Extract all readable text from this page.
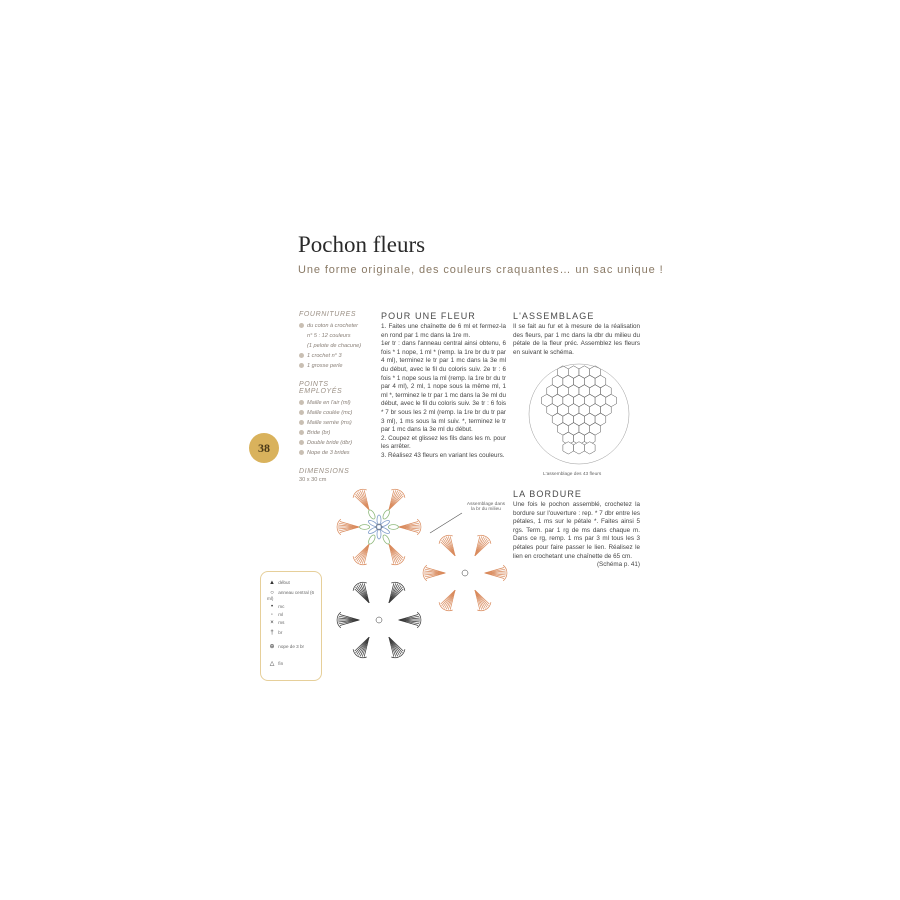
Pochon fleurs
Une forme originale, des couleurs craquantes… un sac unique !
38
FOURNITURES
du coton à crocheter
n° 5 : 12 couleurs
(1 pelote de chacune)
1 crochet n° 3
1 grosse perle
POINTS EMPLOYÉS
Maille en l'air (ml)
Maille coulée (mc)
Maille serrée (ms)
Bride (br)
Double bride (dbr)
Nope de 3 brides
DIMENSIONS
30 x 30 cm
POUR UNE FLEUR
1. Faites une chaînette de 6 ml et fermez-la en rond par 1 mc dans la 1re m.
1er tr : dans l'anneau central ainsi obtenu, 6 fois * 1 nope, 1 ml * (remp. la 1re br du tr par 4 ml), terminez le tr par 1 mc dans la 3e ml du début, avec le fil du coloris suiv. 2e tr : 6 fois * 1 nope sous la ml (remp. la 1re br du tr par 4 ml), 2 ml, 1 nope sous la même ml, 1 ml *, terminez le tr par 1 mc dans la 3e ml du début, avec le fil du coloris suiv. 3e tr : 6 fois * 7 br sous les 2 ml (remp. la 1re br du tr par 3 ml), 1 ms sous la ml suiv. *, terminez le tr par 1 mc dans la 3e ml du début.
2. Coupez et glissez les fils dans les m. pour les arrêter.
3. Réalisez 43 fleurs en variant les couleurs.
L'ASSEMBLAGE
Il se fait au fur et à mesure de la réalisation des fleurs, par 1 mc dans la dbr du milieu du pétale de la fleur préc. Assemblez les fleurs en suivant le schéma.
L'assemblage des 43 fleurs
LA BORDURE
Une fois le pochon assemblé, crochetez la bordure sur l'ouverture : rep. * 7 dbr entre les pétales, 1 ms sur le pétale *. Faites ainsi 5 rgs. Term. par 1 rg de ms dans chaque m. Dans ce rg, remp. 1 ms par 3 ml tous les 3 pétales pour faire passer le lien. Réalisez le lien en crochetant une chaînette de 65 cm.
(Schéma p. 41)
Assemblage dans la br du milieu
▲ début
○ anneau central (6 ml)
• mc
◦ ml
× ms
† br
⊕ nope de 3 br
△ fin
